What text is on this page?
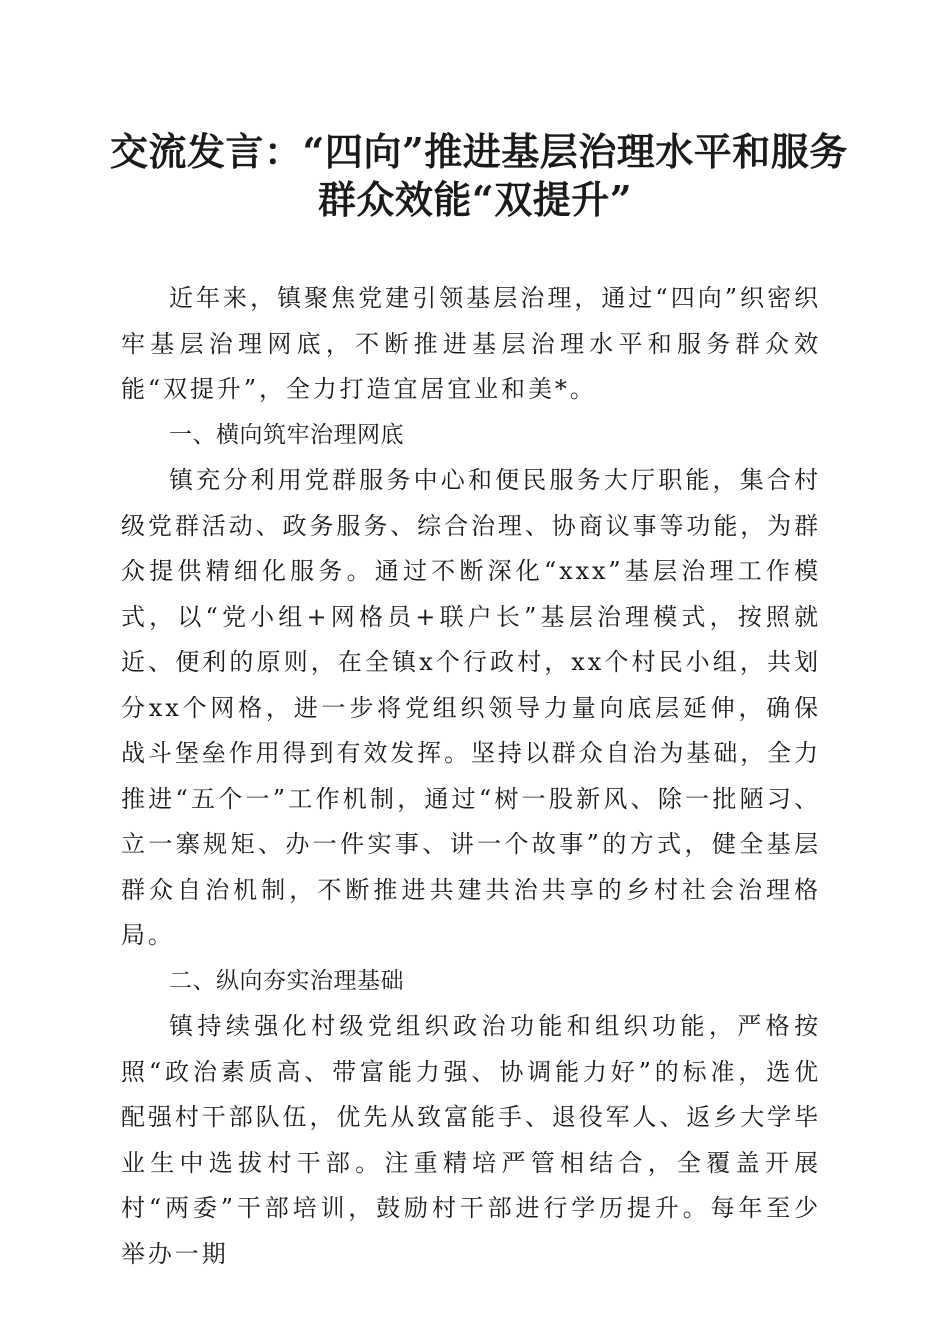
交流发言：“四向”推进基层治理水平和服务
群众效能“双提升”

近年来，镇聚焦党建引领基层治理，通过“四向”织密织牢基层治理网底，不断推进基层治理水平和服务群众效能“双提升”，全力打造宜居宜业和美*。

一、横向筑牢治理网底

镇充分利用党群服务中心和便民服务大厅职能，集合村级党群活动、政务服务、综合治理、协商议事等功能，为群众提供精细化服务。通过不断深化“xxx”基层治理工作模式，以“党小组+网格员+联户长”基层治理模式，按照就近、便利的原则，在全镇x个行政村，xx个村民小组，共划分xx个网格，进一步将党组织领导力量向底层延伸，确保战斗堡垒作用得到有效发挥。坚持以群众自治为基础，全力推进“五个一”工作机制，通过“树一股新风、除一批陋习、立一寨规矩、办一件实事、讲一个故事”的方式，健全基层群众自治机制，不断推进共建共治共享的乡村社会治理格局。

二、纵向夯实治理基础

镇持续强化村级党组织政治功能和组织功能，严格按照“政治素质高、带富能力强、协调能力好”的标准，选优配强村干部队伍，优先从致富能手、退役军人、返乡大学毕业生中选拔村干部。注重精培严管相结合，全覆盖开展村“两委”干部培训，鼓励村干部进行学历提升。每年至少举办一期
